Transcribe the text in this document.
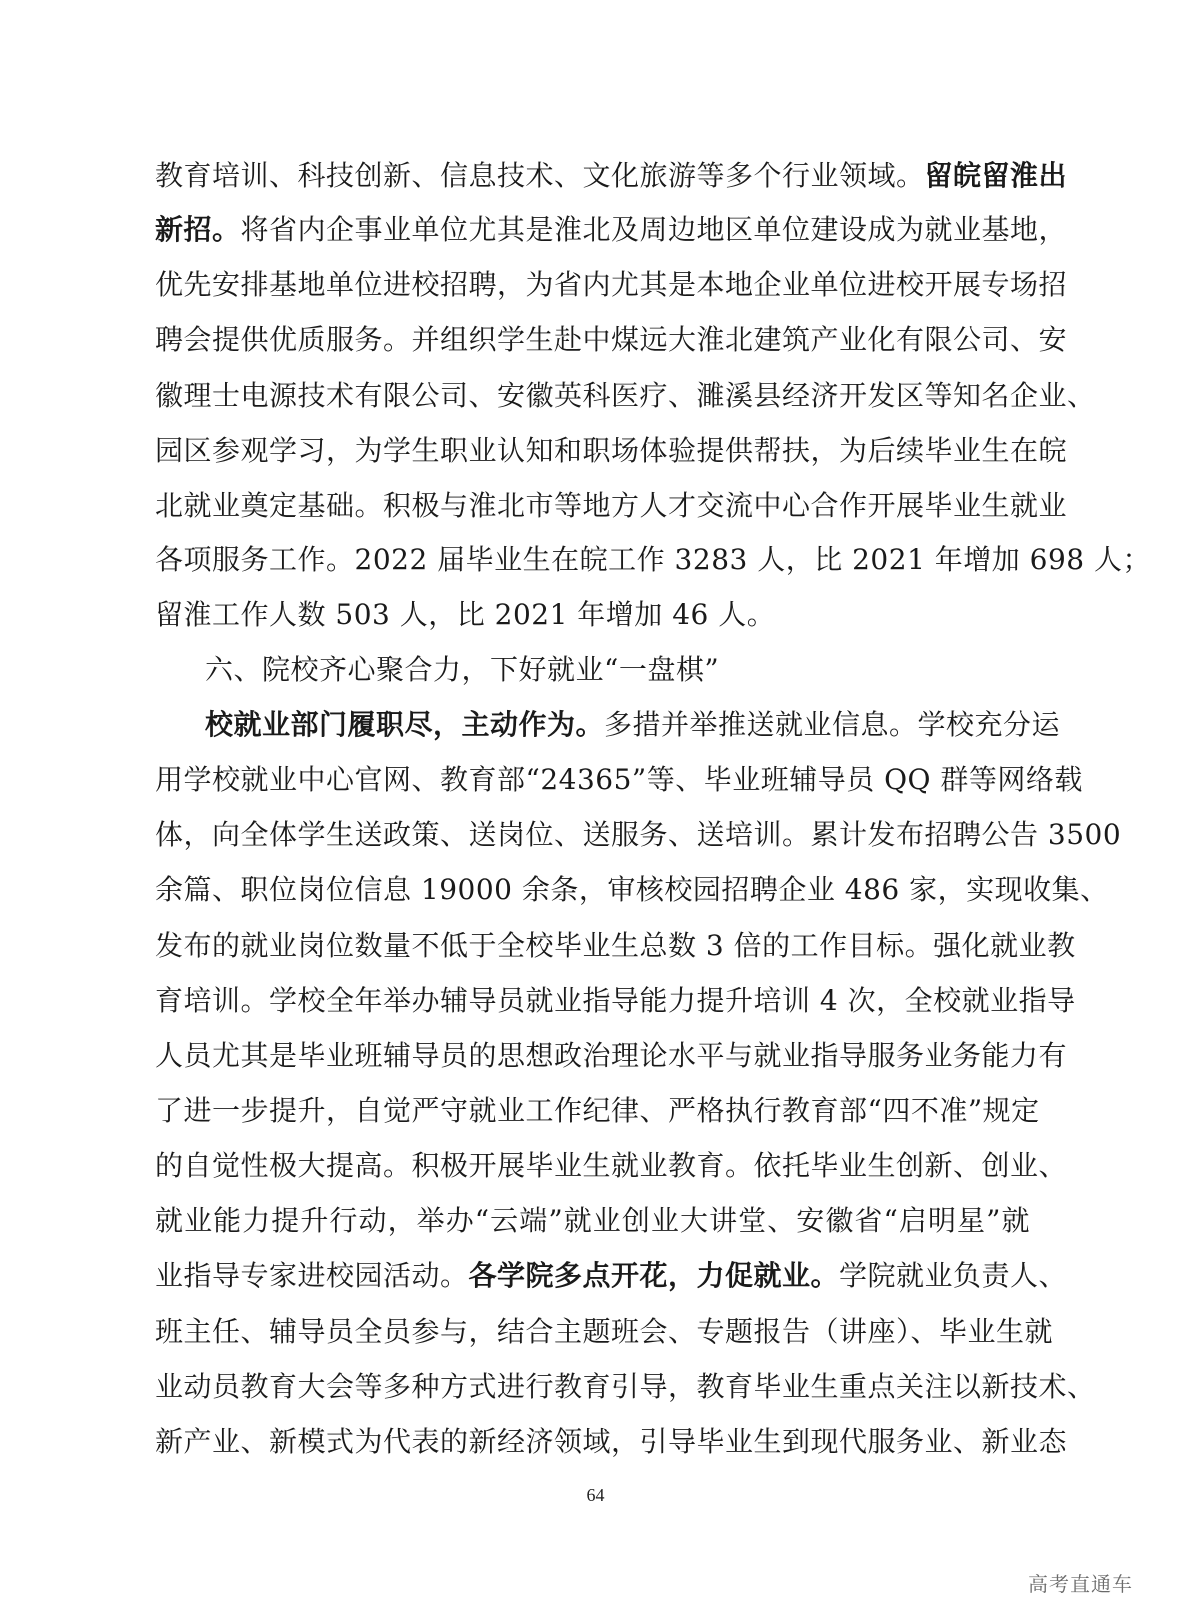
教育培训、科技创新、信息技术、文化旅游等多个行业领域。留皖留淮出
新招。将省内企事业单位尤其是淮北及周边地区单位建设成为就业基地，
优先安排基地单位进校招聘，为省内尤其是本地企业单位进校开展专场招
聘会提供优质服务。并组织学生赴中煤远大淮北建筑产业化有限公司、安
徽理士电源技术有限公司、安徽英科医疗、濉溪县经济开发区等知名企业、
园区参观学习，为学生职业认知和职场体验提供帮扶，为后续毕业生在皖
北就业奠定基础。积极与淮北市等地方人才交流中心合作开展毕业生就业
各项服务工作。2022 届毕业生在皖工作 3283 人，比 2021 年增加 698 人；
留淮工作人数 503 人，比 2021 年增加 46 人。
六、院校齐心聚合力，下好就业“一盘棋”
校就业部门履职尽，主动作为。多措并举推送就业信息。学校充分运
用学校就业中心官网、教育部“24365”等、毕业班辅导员 QQ 群等网络载
体，向全体学生送政策、送岗位、送服务、送培训。累计发布招聘公告 3500
余篇、职位岗位信息 19000 余条，审核校园招聘企业 486 家，实现收集、
发布的就业岗位数量不低于全校毕业生总数 3 倍的工作目标。强化就业教
育培训。学校全年举办辅导员就业指导能力提升培训 4 次，全校就业指导
人员尤其是毕业班辅导员的思想政治理论水平与就业指导服务业务能力有
了进一步提升，自觉严守就业工作纪律、严格执行教育部“四不准”规定
的自觉性极大提高。积极开展毕业生就业教育。依托毕业生创新、创业、
就业能力提升行动，举办“云端”就业创业大讲堂、安徽省“启明星”就
业指导专家进校园活动。各学院多点开花，力促就业。学院就业负责人、
班主任、辅导员全员参与，结合主题班会、专题报告（讲座）、毕业生就
业动员教育大会等多种方式进行教育引导，教育毕业生重点关注以新技术、
新产业、新模式为代表的新经济领域，引导毕业生到现代服务业、新业态
64
高考直通车
